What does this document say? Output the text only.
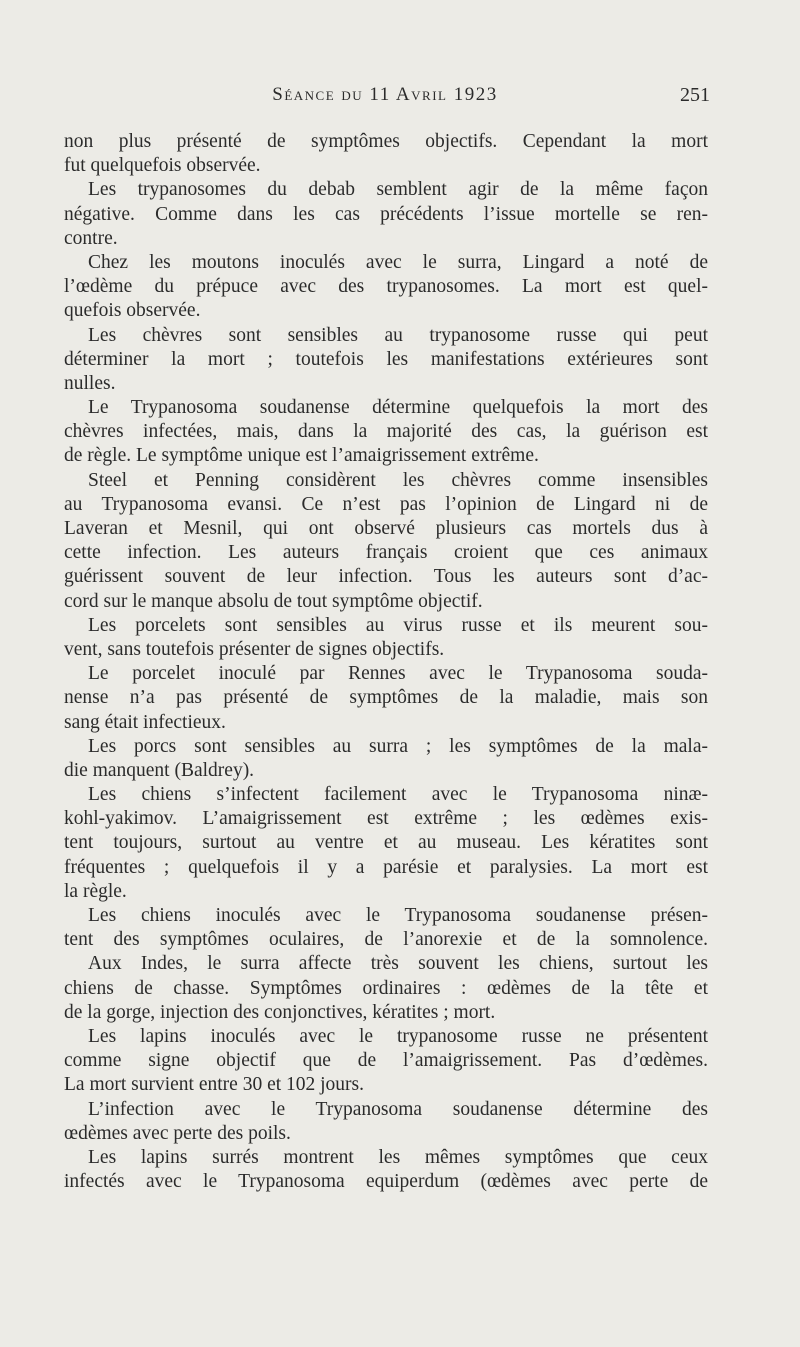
Séance du 11 Avril 1923	251
non plus présenté de symptômes objectifs. Cependant la mort
fut quelquefois observée.
Les trypanosomes du debab semblent agir de la même façon
négative. Comme dans les cas précédents l’issue mortelle se ren-
contre.
Chez les moutons inoculés avec le surra, Lingard a noté de
l’œdème du prépuce avec des trypanosomes. La mort est quel-
quefois observée.
Les chèvres sont sensibles au trypanosome russe qui peut
déterminer la mort ; toutefois les manifestations extérieures sont
nulles.
Le Trypanosoma soudanense détermine quelquefois la mort des
chèvres infectées, mais, dans la majorité des cas, la guérison est
de règle. Le symptôme unique est l’amaigrissement extrême.
Steel et Penning considèrent les chèvres comme insensibles
au Trypanosoma evansi. Ce n’est pas l’opinion de Lingard ni de
Laveran et Mesnil, qui ont observé plusieurs cas mortels dus à
cette infection. Les auteurs français croient que ces animaux
guérissent souvent de leur infection. Tous les auteurs sont d’ac-
cord sur le manque absolu de tout symptôme objectif.
Les porcelets sont sensibles au virus russe et ils meurent sou-
vent, sans toutefois présenter de signes objectifs.
Le porcelet inoculé par Rennes avec le Trypanosoma souda-
nense n’a pas présenté de symptômes de la maladie, mais son
sang était infectieux.
Les porcs sont sensibles au surra ; les symptômes de la mala-
die manquent (Baldrey).
Les chiens s’infectent facilement avec le Trypanosoma ninæ-
kohl-yakimov. L’amaigrissement est extrême ; les œdèmes exis-
tent toujours, surtout au ventre et au museau. Les kératites sont
fréquentes ; quelquefois il y a parésie et paralysies. La mort est
la règle.
Les chiens inoculés avec le Trypanosoma soudanense présen-
tent des symptômes oculaires, de l’anorexie et de la somnolence.
Aux Indes, le surra affecte très souvent les chiens, surtout les
chiens de chasse. Symptômes ordinaires : œdèmes de la tête et
de la gorge, injection des conjonctives, kératites ; mort.
Les lapins inoculés avec le trypanosome russe ne présentent
comme signe objectif que de l’amaigrissement. Pas d’œdèmes.
La mort survient entre 30 et 102 jours.
L’infection avec le Trypanosoma soudanense détermine des
œdèmes avec perte des poils.
Les lapins surrés montrent les mêmes symptômes que ceux
infectés avec le Trypanosoma equiperdum (œdèmes avec perte de
